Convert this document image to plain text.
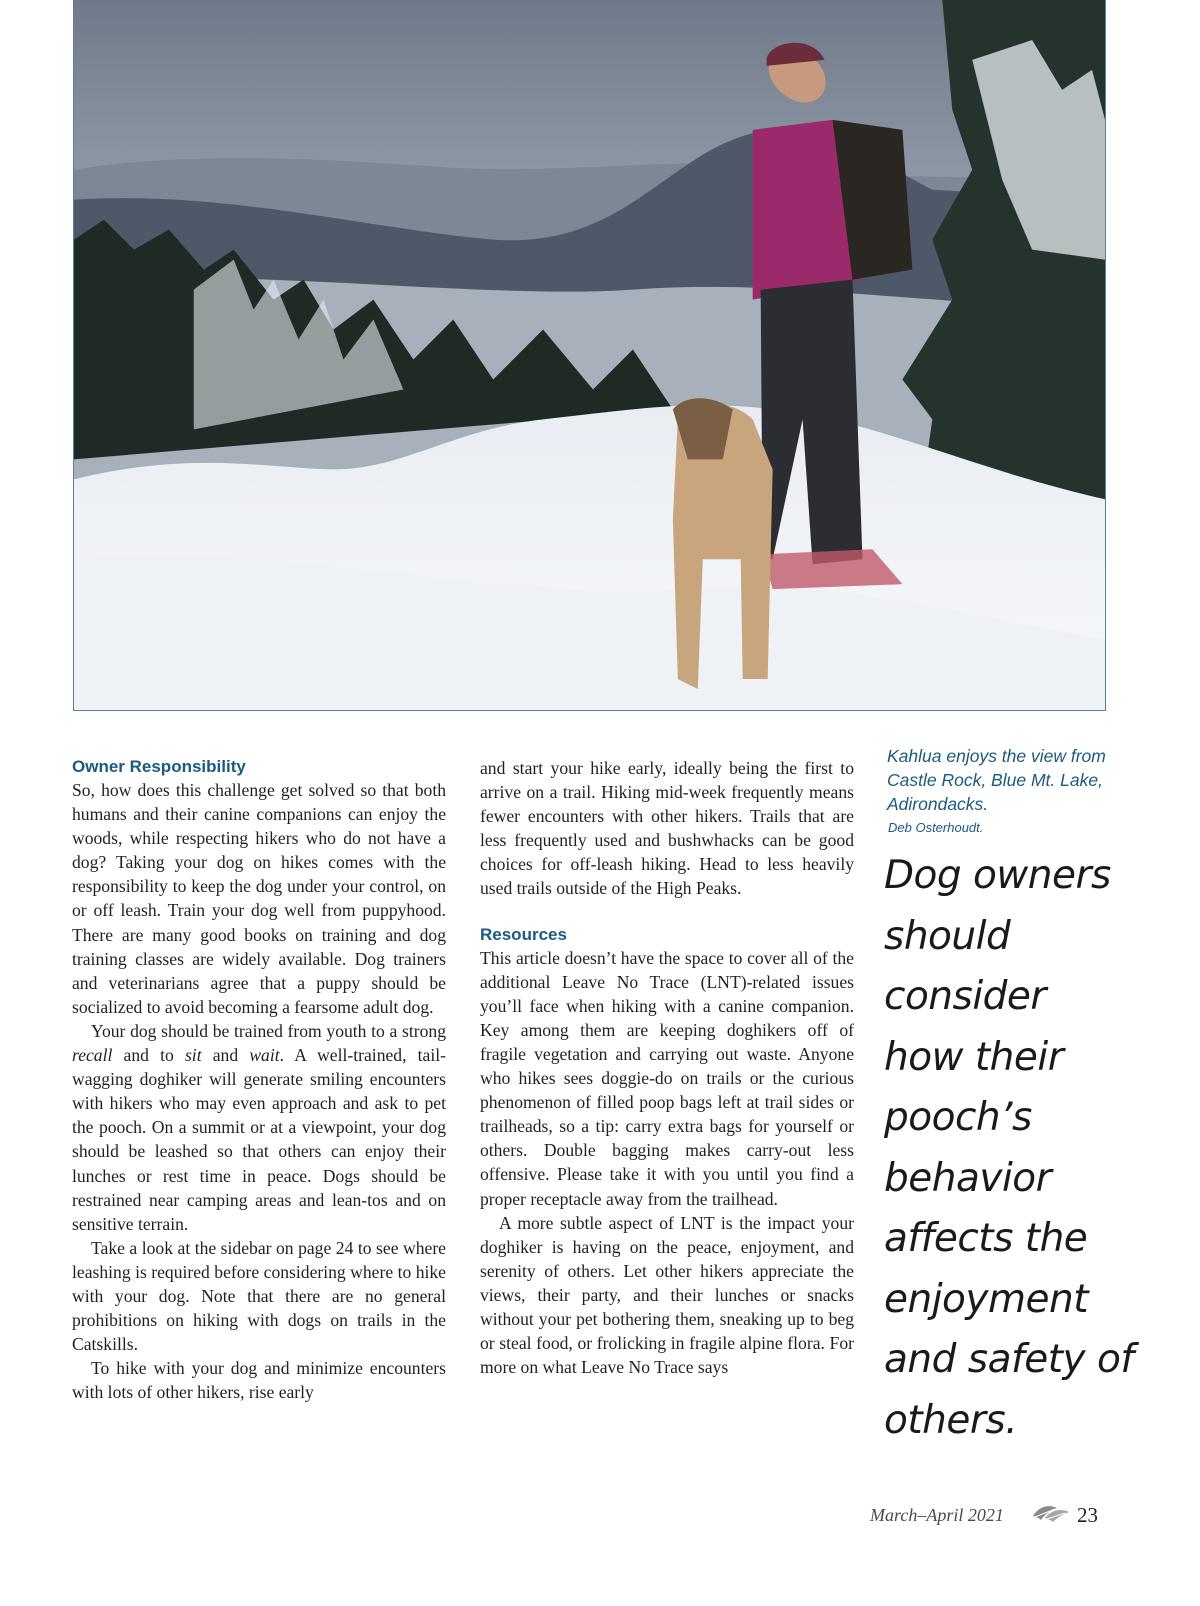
Owner Responsibility

So, how does this challenge get solved so that both humans and their canine companions can enjoy the woods, while respecting hikers who do not have a dog? Taking your dog on hikes comes with the responsibility to keep the dog under your control, on or off leash. Train your dog well from puppyhood. There are many good books on training and dog training classes are widely available. Dog trainers and veterinarians agree that a puppy should be socialized to avoid becoming a fearsome adult dog.

Your dog should be trained from youth to a strong recall and to sit and wait. A well-trained, tail-wagging doghiker will generate smiling encounters with hikers who may even approach and ask to pet the pooch. On a summit or at a viewpoint, your dog should be leashed so that others can enjoy their lunches or rest time in peace. Dogs should be restrained near camping areas and lean-tos and on sensitive terrain.

Take a look at the sidebar on page 24 to see where leashing is required before considering where to hike with your dog. Note that there are no general prohibitions on hiking with dogs on trails in the Catskills.

To hike with your dog and minimize encounters with lots of other hikers, rise early

and start your hike early, ideally being the first to arrive on a trail. Hiking mid-week frequently means fewer encounters with other hikers. Trails that are less frequently used and bushwhacks can be good choices for off-leash hiking. Head to less heavily used trails outside of the High Peaks.

Resources

This article doesn’t have the space to cover all of the additional Leave No Trace (LNT)-related issues you’ll face when hiking with a canine companion. Key among them are keeping doghikers off of fragile vegetation and carrying out waste. Anyone who hikes sees doggie-do on trails or the curious phenomenon of filled poop bags left at trail sides or trailheads, so a tip: carry extra bags for yourself or others. Double bagging makes carry-out less offensive. Please take it with you until you find a proper receptacle away from the trailhead.

A more subtle aspect of LNT is the impact your doghiker is having on the peace, enjoyment, and serenity of others. Let other hikers appreciate the views, their party, and their lunches or snacks without your pet bothering them, sneaking up to beg or steal food, or frolicking in fragile alpine flora. For more on what Leave No Trace says

Kahlua enjoys the view from Castle Rock, Blue Mt. Lake, Adirondacks.
Deb Osterhoudt.
Dog owners should consider how their pooch’s behavior affects the enjoyment and safety of others.
March–April 2021	23
